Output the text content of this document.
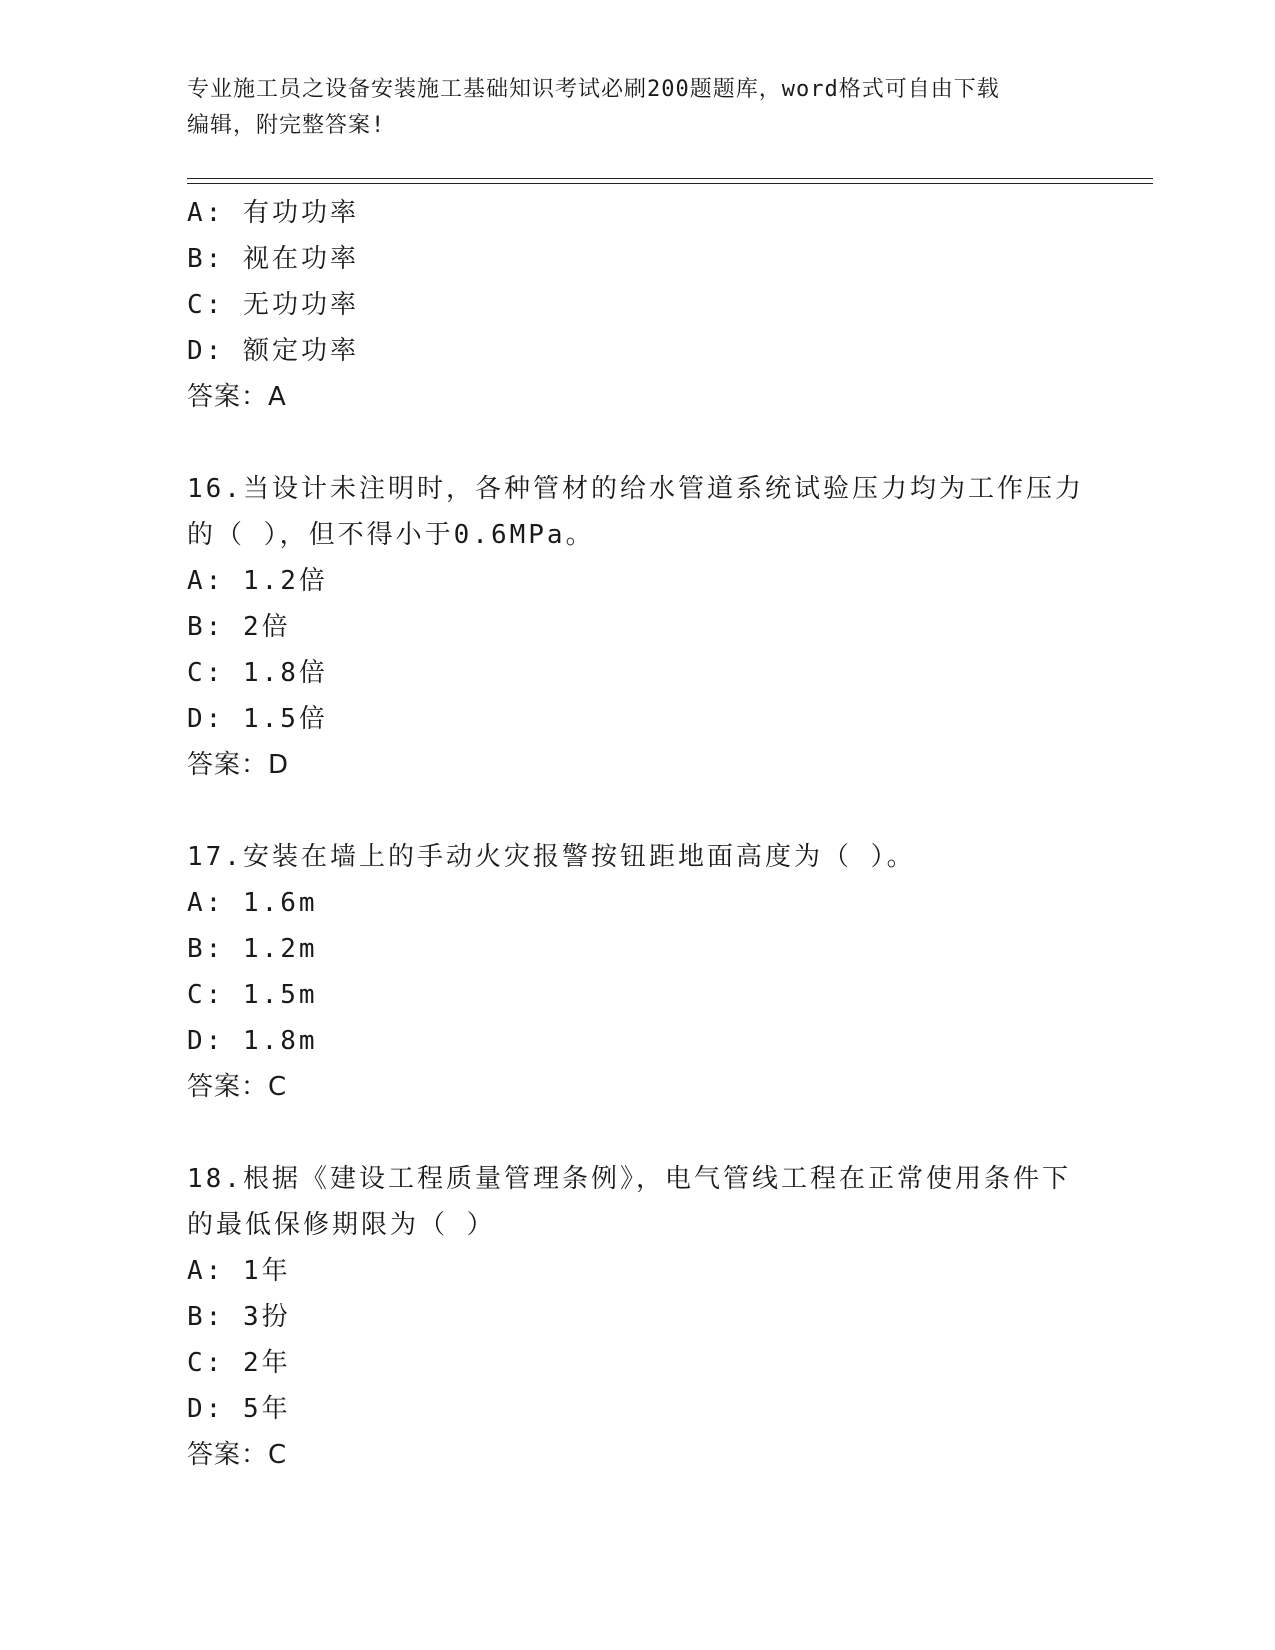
专业施工员之设备安装施工基础知识考试必刷200题题库，word格式可自由下载
编辑，附完整答案!
A: 有功功率
B: 视在功率
C: 无功功率
D: 额定功率
答案：A
16.当设计未注明时，各种管材的给水管道系统试验压力均为工作压力
的（ ），但不得小于0.6MPa。
A: 1.2倍
B: 2倍
C: 1.8倍
D: 1.5倍
答案：D
17.安装在墙上的手动火灾报警按钮距地面高度为（ ）。
A: 1.6m
B: 1.2m
C: 1.5m
D: 1.8m
答案：C
18.根据《建设工程质量管理条例》，电气管线工程在正常使用条件下
的最低保修期限为（ ）
A: 1年
B: 3扮
C: 2年
D: 5年
答案：C
